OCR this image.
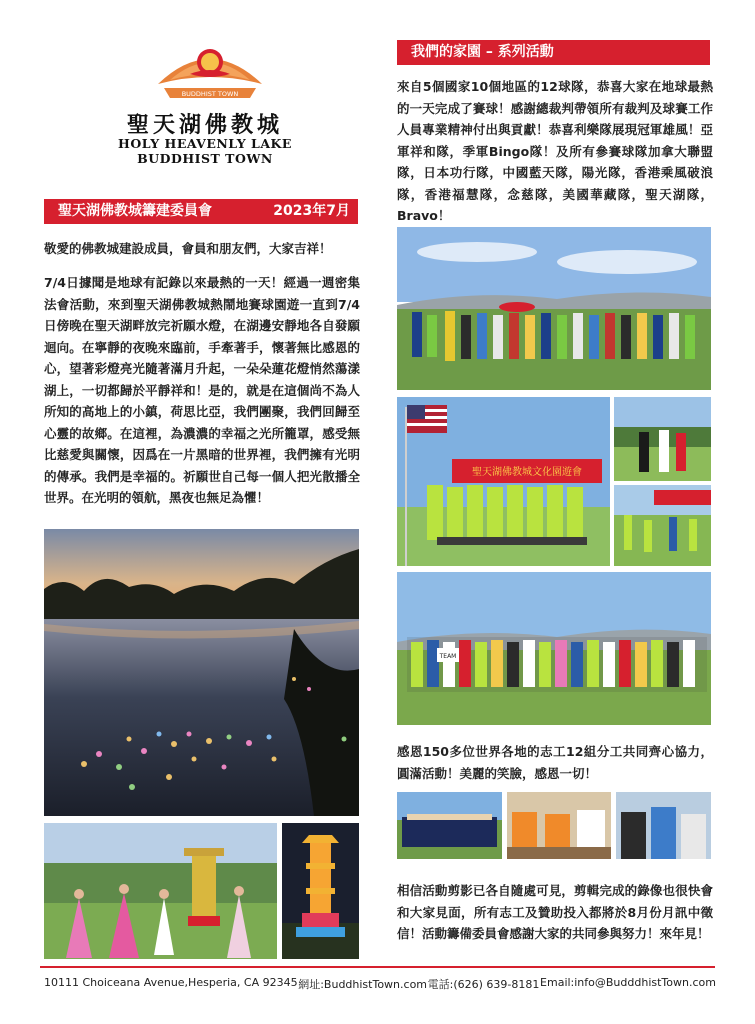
BUDDHIST TOWN
聖天湖佛教城
HOLY HEAVENLY LAKE
BUDDHIST TOWN
聖天湖佛教城籌建委員會	2023年7月
敬愛的佛教城建設成員，會員和朋友們，大家吉祥！
7/4日據聞是地球有記錄以來最熱的一天！經過一週密集法會活動，來到聖天湖佛教城熱鬧地賽球園遊一直到7/4日傍晚在聖天湖畔放完祈願水燈，在湖邊安靜地各自發願迴向。在寧靜的夜晚來臨前，手牽著手，懷著無比感恩的心，望著彩燈亮光隨著滿月升起，一朵朵蓮花燈悄然蕩漾湖上，一切都歸於平靜祥和！是的，就是在這個尚不為人所知的高地上的小鎮，荷思比亞，我們團聚，我們回歸至心靈的故鄉。在這裡，為濃濃的幸福之光所籠罩，感受無比慈愛與關懷，因爲在一片黑暗的世界裡，我們擁有光明的傳承。我們是幸福的。祈願世自己每一個人把光散播全世界。在光明的領航，黑夜也無足為懼！
我們的家園 – 系列活動
來自5個國家10個地區的12球隊，恭喜大家在地球最熱的一天完成了賽球！感謝總裁判帶領所有裁判及球賽工作人員專業精神付出與貢獻！恭喜利樂隊展現冠軍雄風！亞軍祥和隊，季軍Bingo隊！及所有參賽球隊加拿大聯盟隊，日本功行隊，中國藍天隊，陽光隊，香港乘風破浪隊，香港福慧隊，念慈隊，美國華藏隊，聖天湖隊，Bravo！
聖天湖佛教城文化園遊會
TEAM
感恩150多位世界各地的志工12組分工共同齊心協力，圓滿活動！美麗的笑臉，感恩一切！
相信活動剪影已各自隨處可見，剪輯完成的錄像也很快會和大家見面，所有志工及贊助投入都將於8月份月訊中徵信！活動籌備委員會感謝大家的共同參與努力！來年見！
10111 Choiceana Avenue,Hesperia, CA 92345 網址:BuddhistTown.com 電話:(626) 639-8181 Email:info@BudddhistTown.com
